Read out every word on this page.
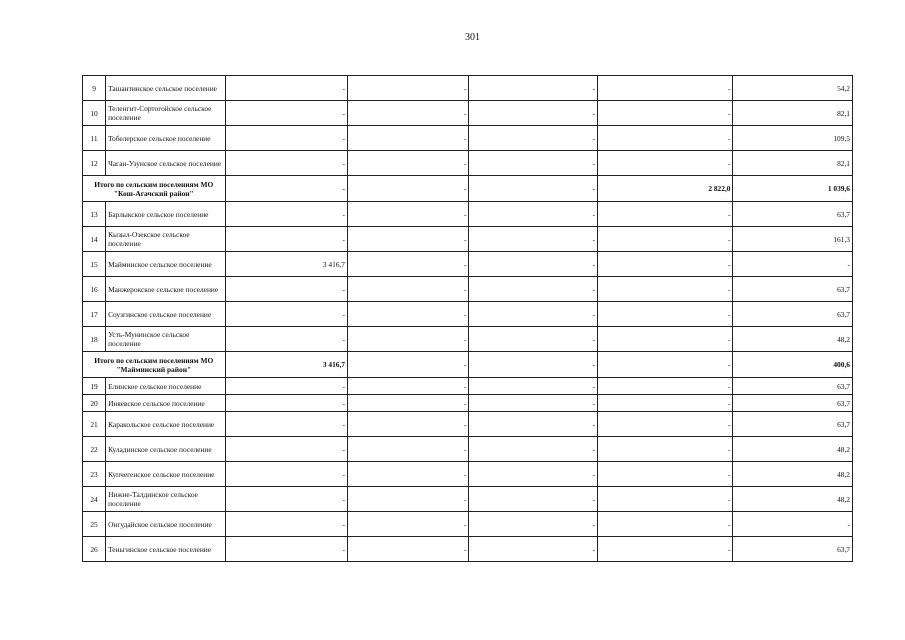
301
9	Ташантинское сельское поселение	-	-	-	-	54,2
10	Теленгит-Сортогойское сельское поселение	-	-	-	-	82,1
11	Тобелерское сельское поселение	-	-	-	-	109,5
12	Чаган-Узунское сельское поселение	-	-	-	-	82,1
Итого по сельским поселениям МО "Кош-Агачский район"		-	-	-	2 822,0	1 039,6
13	Барлыкское сельское поселение	-	-	-	-	63,7
14	Кызыл-Озекское сельское поселение	-	-	-	-	161,3
15	Майминское сельское поселение	3 416,7	-	-	-	-
16	Манжерокское сельское поселение	-	-	-	-	63,7
17	Соузгинское сельское поселение	-	-	-	-	63,7
18	Усть-Мунинское сельское поселение	-	-	-	-	48,2
Итого по сельским поселениям МО "Майминский район"		3 416,7	-	-	-	400,6
19	Елинское сельское поселение	-	-	-	-	63,7
20	Иняевское сельское поселение	-	-	-	-	63,7
21	Каракольское сельское поселение	-	-	-	-	63,7
22	Куладинское сельское поселение	-	-	-	-	48,2
23	Купчегенское сельское поселение	-	-	-	-	48,2
24	Нижне-Талдинское сельское поселение	-	-	-	-	48,2
25	Онгудайское сельское поселение	-	-	-	-	-
26	Теньгинское сельское поселение	-	-	-	-	63,7
